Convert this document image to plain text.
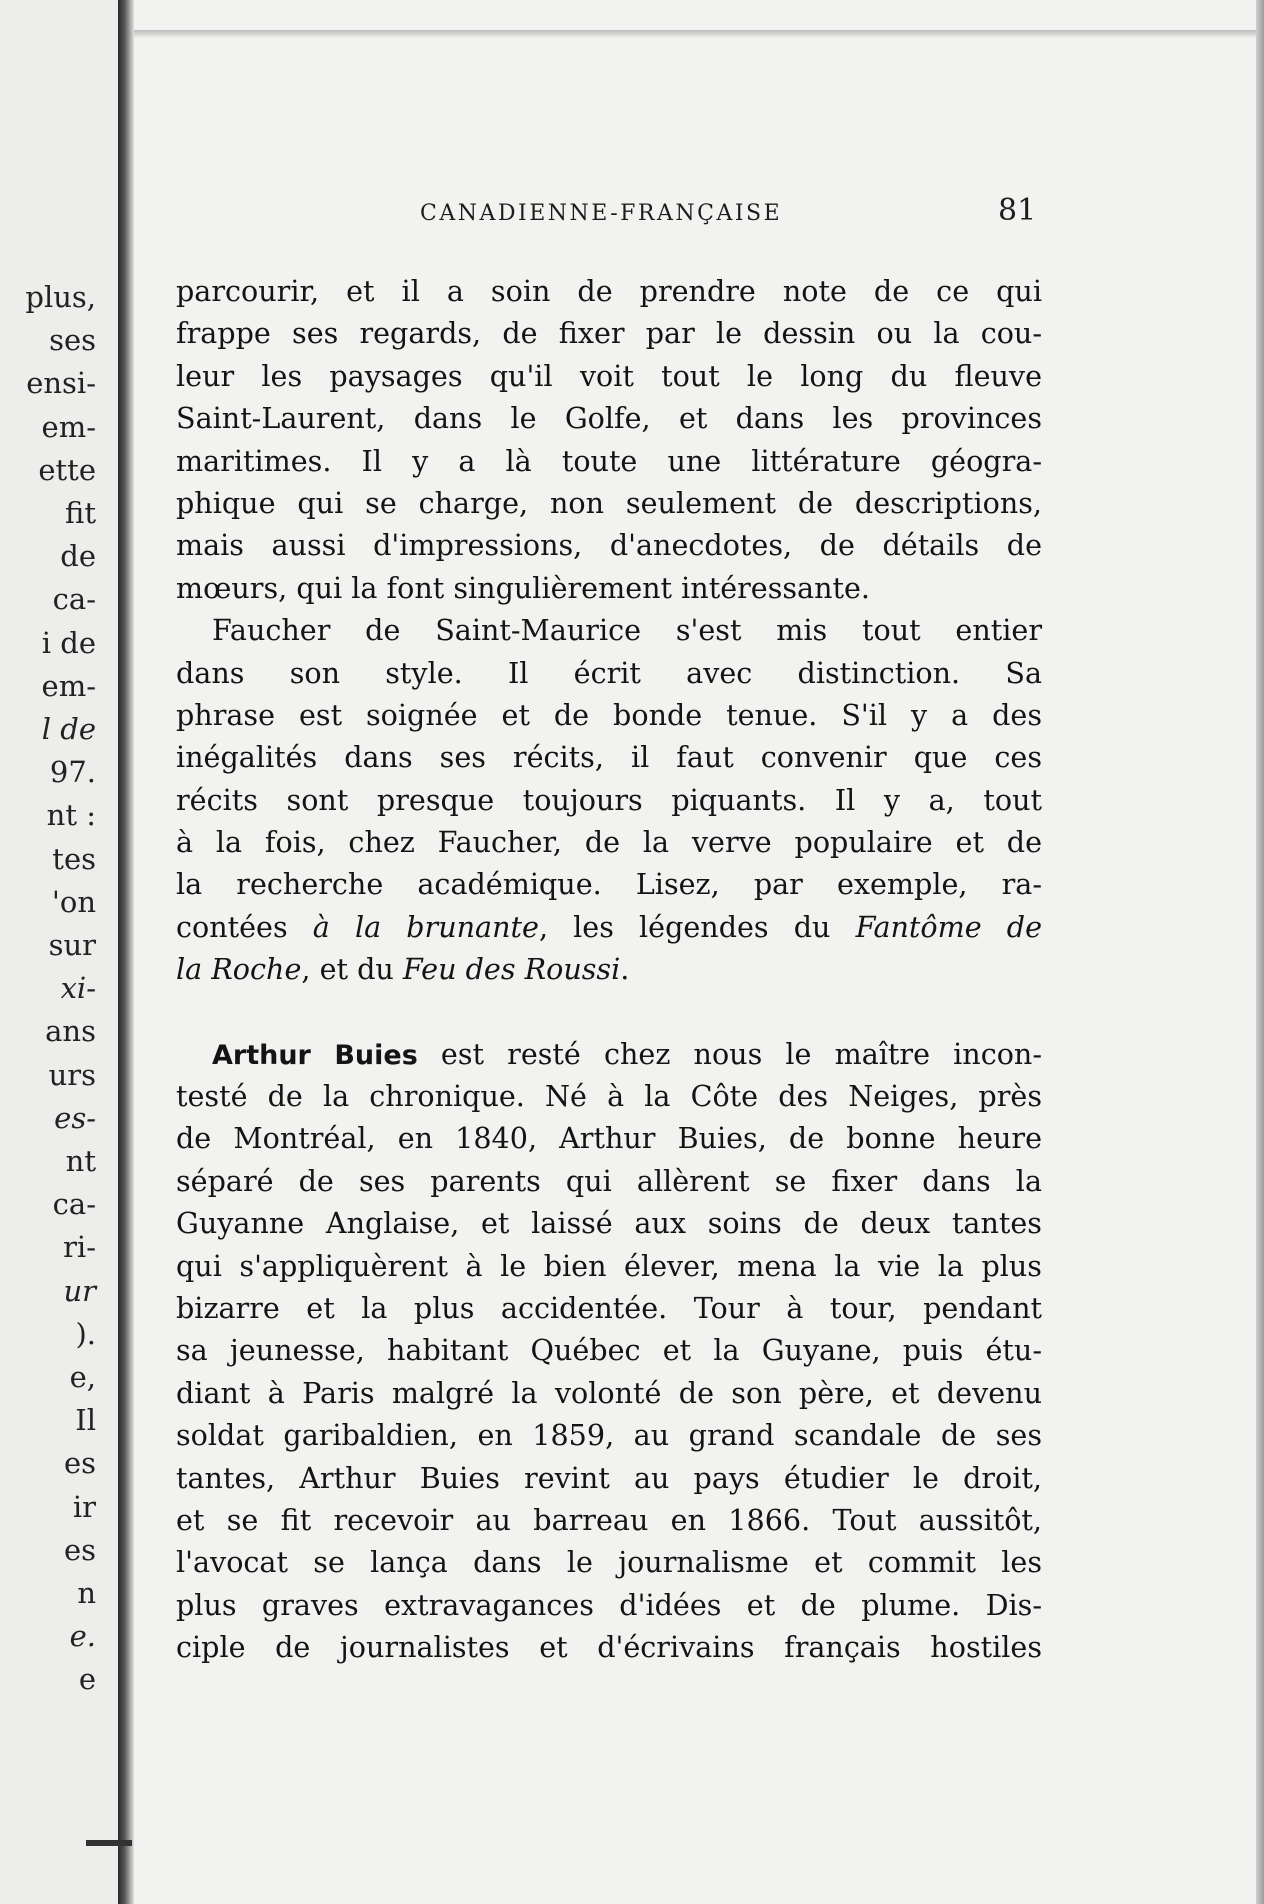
plus,
ses
ensi-
em-
ette
fit
de
ca-
i de
em-
l de
97.
nt :
tes
'on
sur
xi-
ans
urs
es-
nt
ca-
ri-
ur
).
e,
Il
es
ir
es
n
e.
e
CANADIENNE-FRANÇAISE	81
parcourir, et il a soin de prendre note de ce qui
frappe ses regards, de fixer par le dessin ou la cou-
leur les paysages qu'il voit tout le long du fleuve
Saint-Laurent, dans le Golfe, et dans les provinces
maritimes. Il y a là toute une littérature géogra-
phique qui se charge, non seulement de descriptions,
mais aussi d'impressions, d'anecdotes, de détails de
mœurs, qui la font singulièrement intéressante.
Faucher de Saint-Maurice s'est mis tout entier
dans son style. Il écrit avec distinction. Sa
phrase est soignée et de bonde tenue. S'il y a des
inégalités dans ses récits, il faut convenir que ces
récits sont presque toujours piquants. Il y a, tout
à la fois, chez Faucher, de la verve populaire et de
la recherche académique. Lisez, par exemple, ra-
contées à la brunante, les légendes du Fantôme de
la Roche, et du Feu des Roussi.
Arthur Buies est resté chez nous le maître incon-
testé de la chronique. Né à la Côte des Neiges, près
de Montréal, en 1840, Arthur Buies, de bonne heure
séparé de ses parents qui allèrent se fixer dans la
Guyanne Anglaise, et laissé aux soins de deux tantes
qui s'appliquèrent à le bien élever, mena la vie la plus
bizarre et la plus accidentée. Tour à tour, pendant
sa jeunesse, habitant Québec et la Guyane, puis étu-
diant à Paris malgré la volonté de son père, et devenu
soldat garibaldien, en 1859, au grand scandale de ses
tantes, Arthur Buies revint au pays étudier le droit,
et se fit recevoir au barreau en 1866. Tout aussitôt,
l'avocat se lança dans le journalisme et commit les
plus graves extravagances d'idées et de plume. Dis-
ciple de journalistes et d'écrivains français hostiles
